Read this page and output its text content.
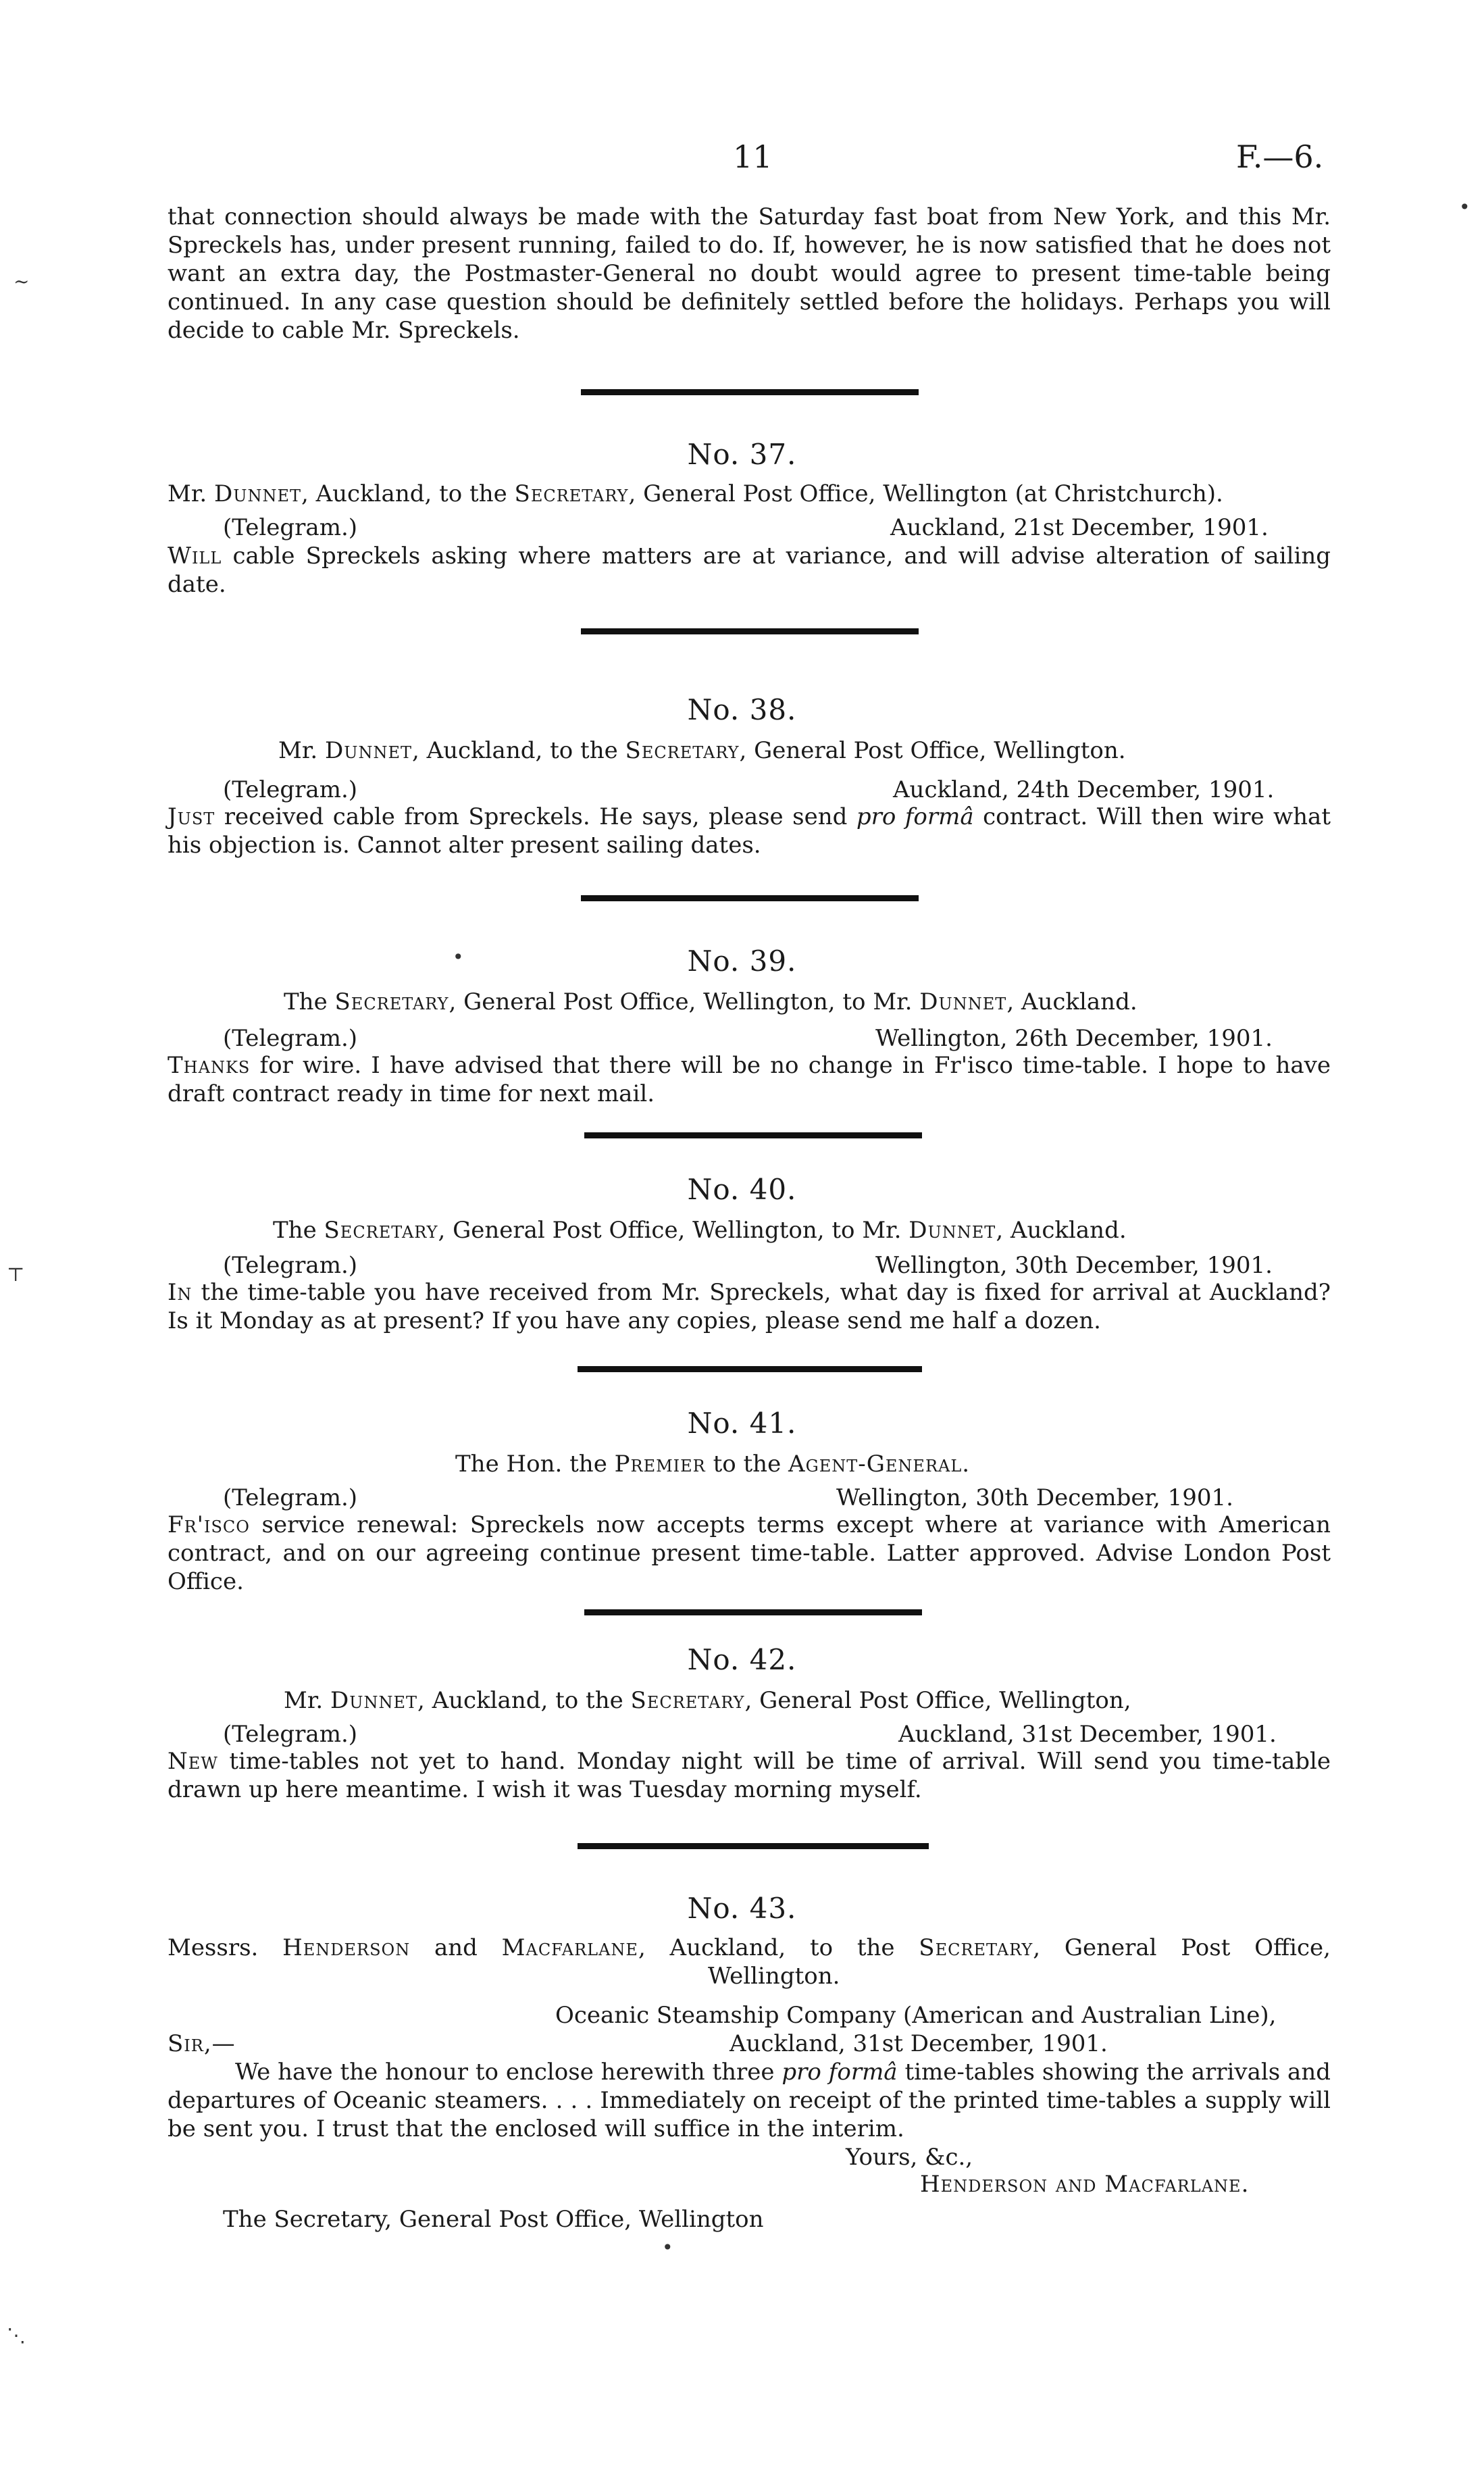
11	F.—6.
•
~
that connection should always be made with the Saturday fast boat from New York, and this Mr. Spreckels has, under present running, failed to do. If, however, he is now satisfied that he does not want an extra day, the Postmaster-General no doubt would agree to present time-table being continued. In any case question should be definitely settled before the holidays. Perhaps you will decide to cable Mr. Spreckels.
No. 37.
Mr. Dunnet, Auckland, to the Secretary, General Post Office, Wellington (at Christchurch).
(Telegram.)	Auckland, 21st December, 1901.
Will cable Spreckels asking where matters are at variance, and will advise alteration of sailing date.
No. 38.
Mr. Dunnet, Auckland, to the Secretary, General Post Office, Wellington.
(Telegram.)	Auckland, 24th December, 1901.
Just received cable from Spreckels. He says, please send pro formâ contract. Will then wire what his objection is. Cannot alter present sailing dates.
•	No. 39.
The Secretary, General Post Office, Wellington, to Mr. Dunnet, Auckland.
(Telegram.)	Wellington, 26th December, 1901.
Thanks for wire. I have advised that there will be no change in Fr'isco time-table. I hope to have draft contract ready in time for next mail.
No. 40.
The Secretary, General Post Office, Wellington, to Mr. Dunnet, Auckland.
(Telegram.)	Wellington, 30th December, 1901.
⊤
In the time-table you have received from Mr. Spreckels, what day is fixed for arrival at Auckland? Is it Monday as at present? If you have any copies, please send me half a dozen.
No. 41.
The Hon. the Premier to the Agent-General.
(Telegram.)	Wellington, 30th December, 1901.
Fr'isco service renewal: Spreckels now accepts terms except where at variance with American contract, and on our agreeing continue present time-table. Latter approved. Advise London Post Office.
No. 42.
Mr. Dunnet, Auckland, to the Secretary, General Post Office, Wellington,
(Telegram.)	Auckland, 31st December, 1901.
New time-tables not yet to hand. Monday night will be time of arrival. Will send you time-table drawn up here meantime. I wish it was Tuesday morning myself.
No. 43.
Messrs. Henderson and Macfarlane, Auckland, to the Secretary, General Post Office,
Wellington.
Oceanic Steamship Company (American and Australian Line),
Sir,—	Auckland, 31st December, 1901.
We have the honour to enclose herewith three pro formâ time-tables showing the arrivals and departures of Oceanic steamers. . . . Immediately on receipt of the printed time-tables a supply will be sent you. I trust that the enclosed will suffice in the interim.
Yours, &c.,
Henderson and Macfarlane.
The Secretary, General Post Office, Wellington
•
⋱
